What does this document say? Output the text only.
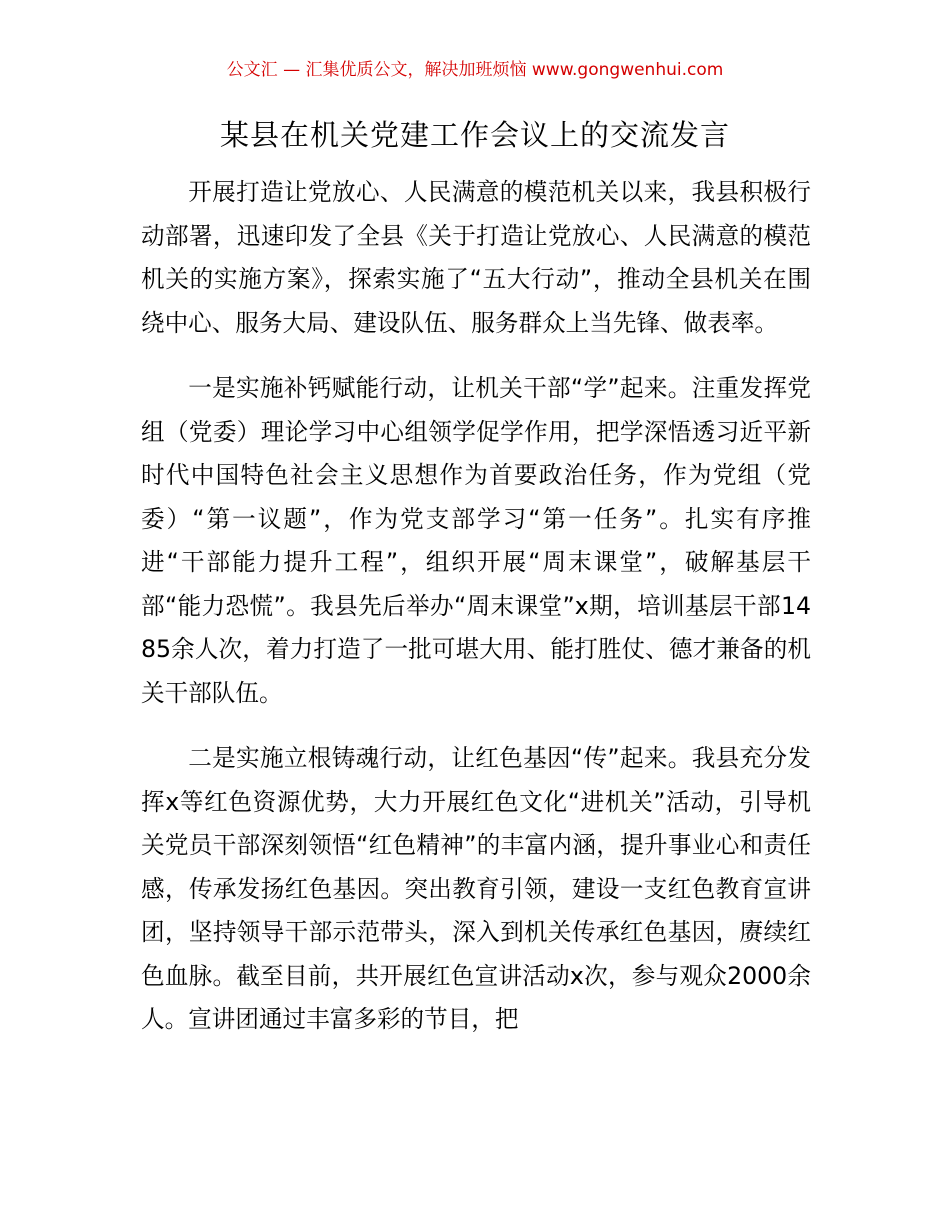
公文汇 — 汇集优质公文，解决加班烦恼 www.gongwenhui.com
某县在机关党建工作会议上的交流发言

开展打造让党放心、人民满意的模范机关以来，我县积极行动部署，迅速印发了全县《关于打造让党放心、人民满意的模范机关的实施方案》，探索实施了“五大行动”，推动全县机关在围绕中心、服务大局、建设队伍、服务群众上当先锋、做表率。

一是实施补钙赋能行动，让机关干部“学”起来。注重发挥党组（党委）理论学习中心组领学促学作用，把学深悟透习近平新时代中国特色社会主义思想作为首要政治任务，作为党组（党委）“第一议题”，作为党支部学习“第一任务”。扎实有序推进“干部能力提升工程”，组织开展“周末课堂”，破解基层干部“能力恐慌”。我县先后举办“周末课堂”x期，培训基层干部1485余人次，着力打造了一批可堪大用、能打胜仗、德才兼备的机关干部队伍。

二是实施立根铸魂行动，让红色基因“传”起来。我县充分发挥x等红色资源优势，大力开展红色文化“进机关”活动，引导机关党员干部深刻领悟“红色精神”的丰富内涵，提升事业心和责任感，传承发扬红色基因。突出教育引领，建设一支红色教育宣讲团，坚持领导干部示范带头，深入到机关传承红色基因，赓续红色血脉。截至目前，共开展红色宣讲活动x次，参与观众2000余人。宣讲团通过丰富多彩的节目，把
